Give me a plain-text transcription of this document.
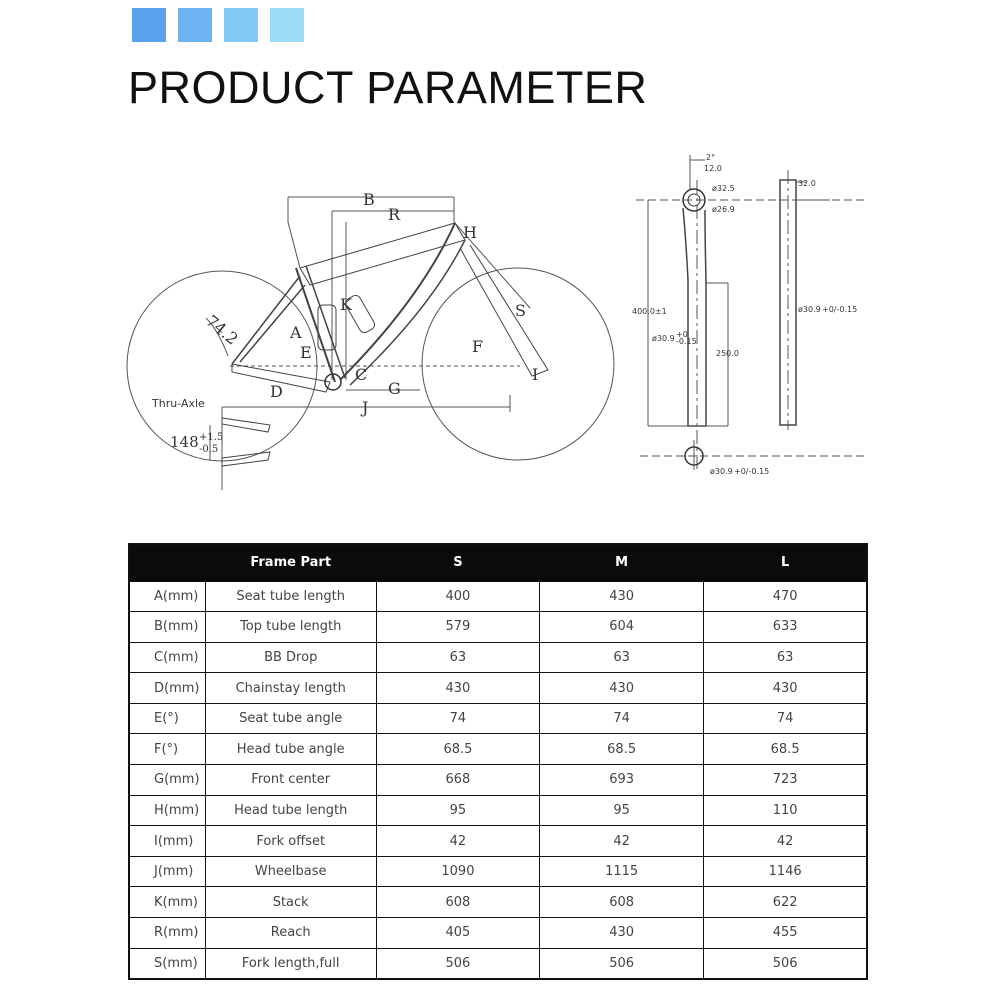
PRODUCT PARAMETER
B
R
H
K	S
A
E	F
C
G
D
J
I
74.2
Thru-Axle
148 +1.5
-0.5
2°
12.0
ø32.5
ø26.9
400.0±1
ø30.9 +0
-0.15
250.0
32.0
ø30.9 +0/-0.15
ø30.9 +0/-0.15
	Frame Part	S	M	L
A(mm)	Seat tube length	400	430	470
B(mm)	Top tube length	579	604	633
C(mm)	BB Drop	63	63	63
D(mm)	Chainstay length	430	430	430
E(°)	Seat tube angle	74	74	74
F(°)	Head tube angle	68.5	68.5	68.5
G(mm)	Front center	668	693	723
H(mm)	Head tube length	95	95	110
I(mm)	Fork offset	42	42	42
J(mm)	Wheelbase	1090	1115	1146
K(mm)	Stack	608	608	622
R(mm)	Reach	405	430	455
S(mm)	Fork length,full	506	506	506
